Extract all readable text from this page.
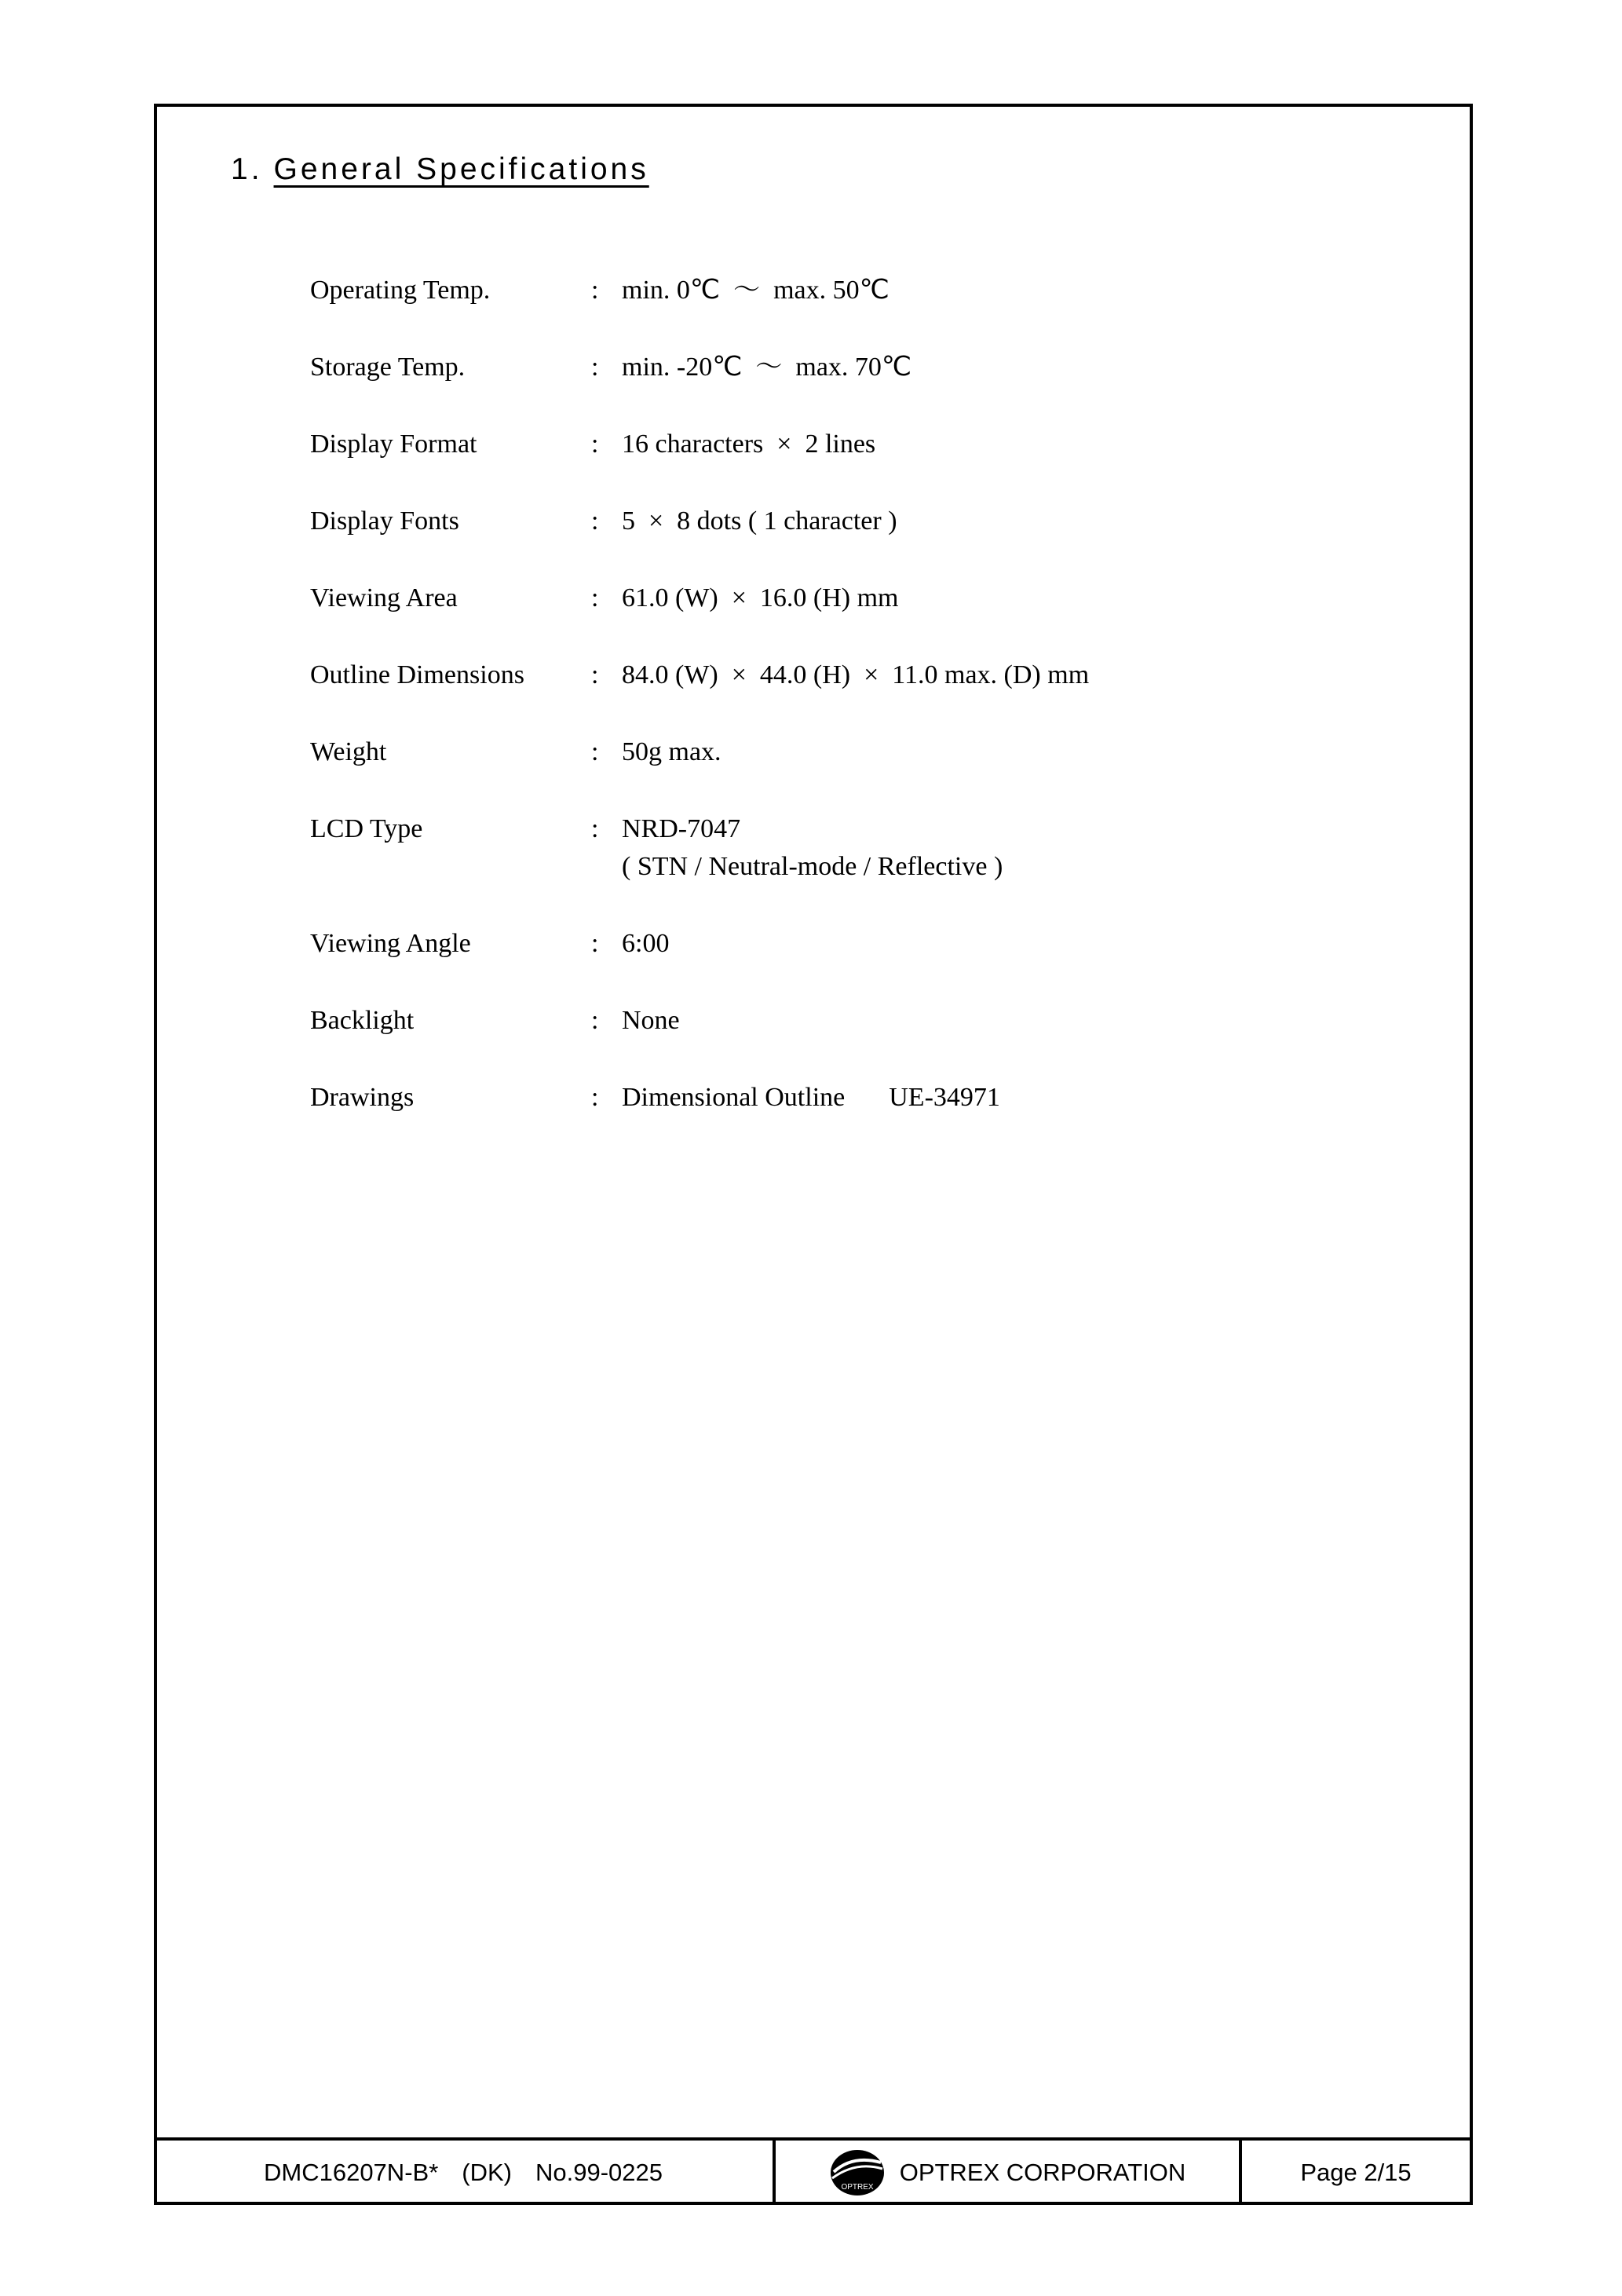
1. General Specifications
Operating Temp.	: min. 0℃  ～  max. 50℃
Storage Temp.	: min. -20℃  ～  max. 70℃
Display Format	: 16 characters  ×  2 lines
Display Fonts	: 5  ×  8 dots ( 1 character )
Viewing Area	: 61.0 (W)  ×  16.0 (H) mm
Outline Dimensions	: 84.0 (W)  ×  44.0 (H)  ×  11.0 max. (D) mm
Weight	: 50g max.
LCD Type	: NRD-7047
( STN / Neutral-mode / Reflective )
Viewing Angle	: 6:00
Backlight	: None
Drawings	: Dimensional Outline UE-34971
DMC16207N-B* (DK) No.99-0225
OPTREX
OPTREX CORPORATION	Page 2/15
